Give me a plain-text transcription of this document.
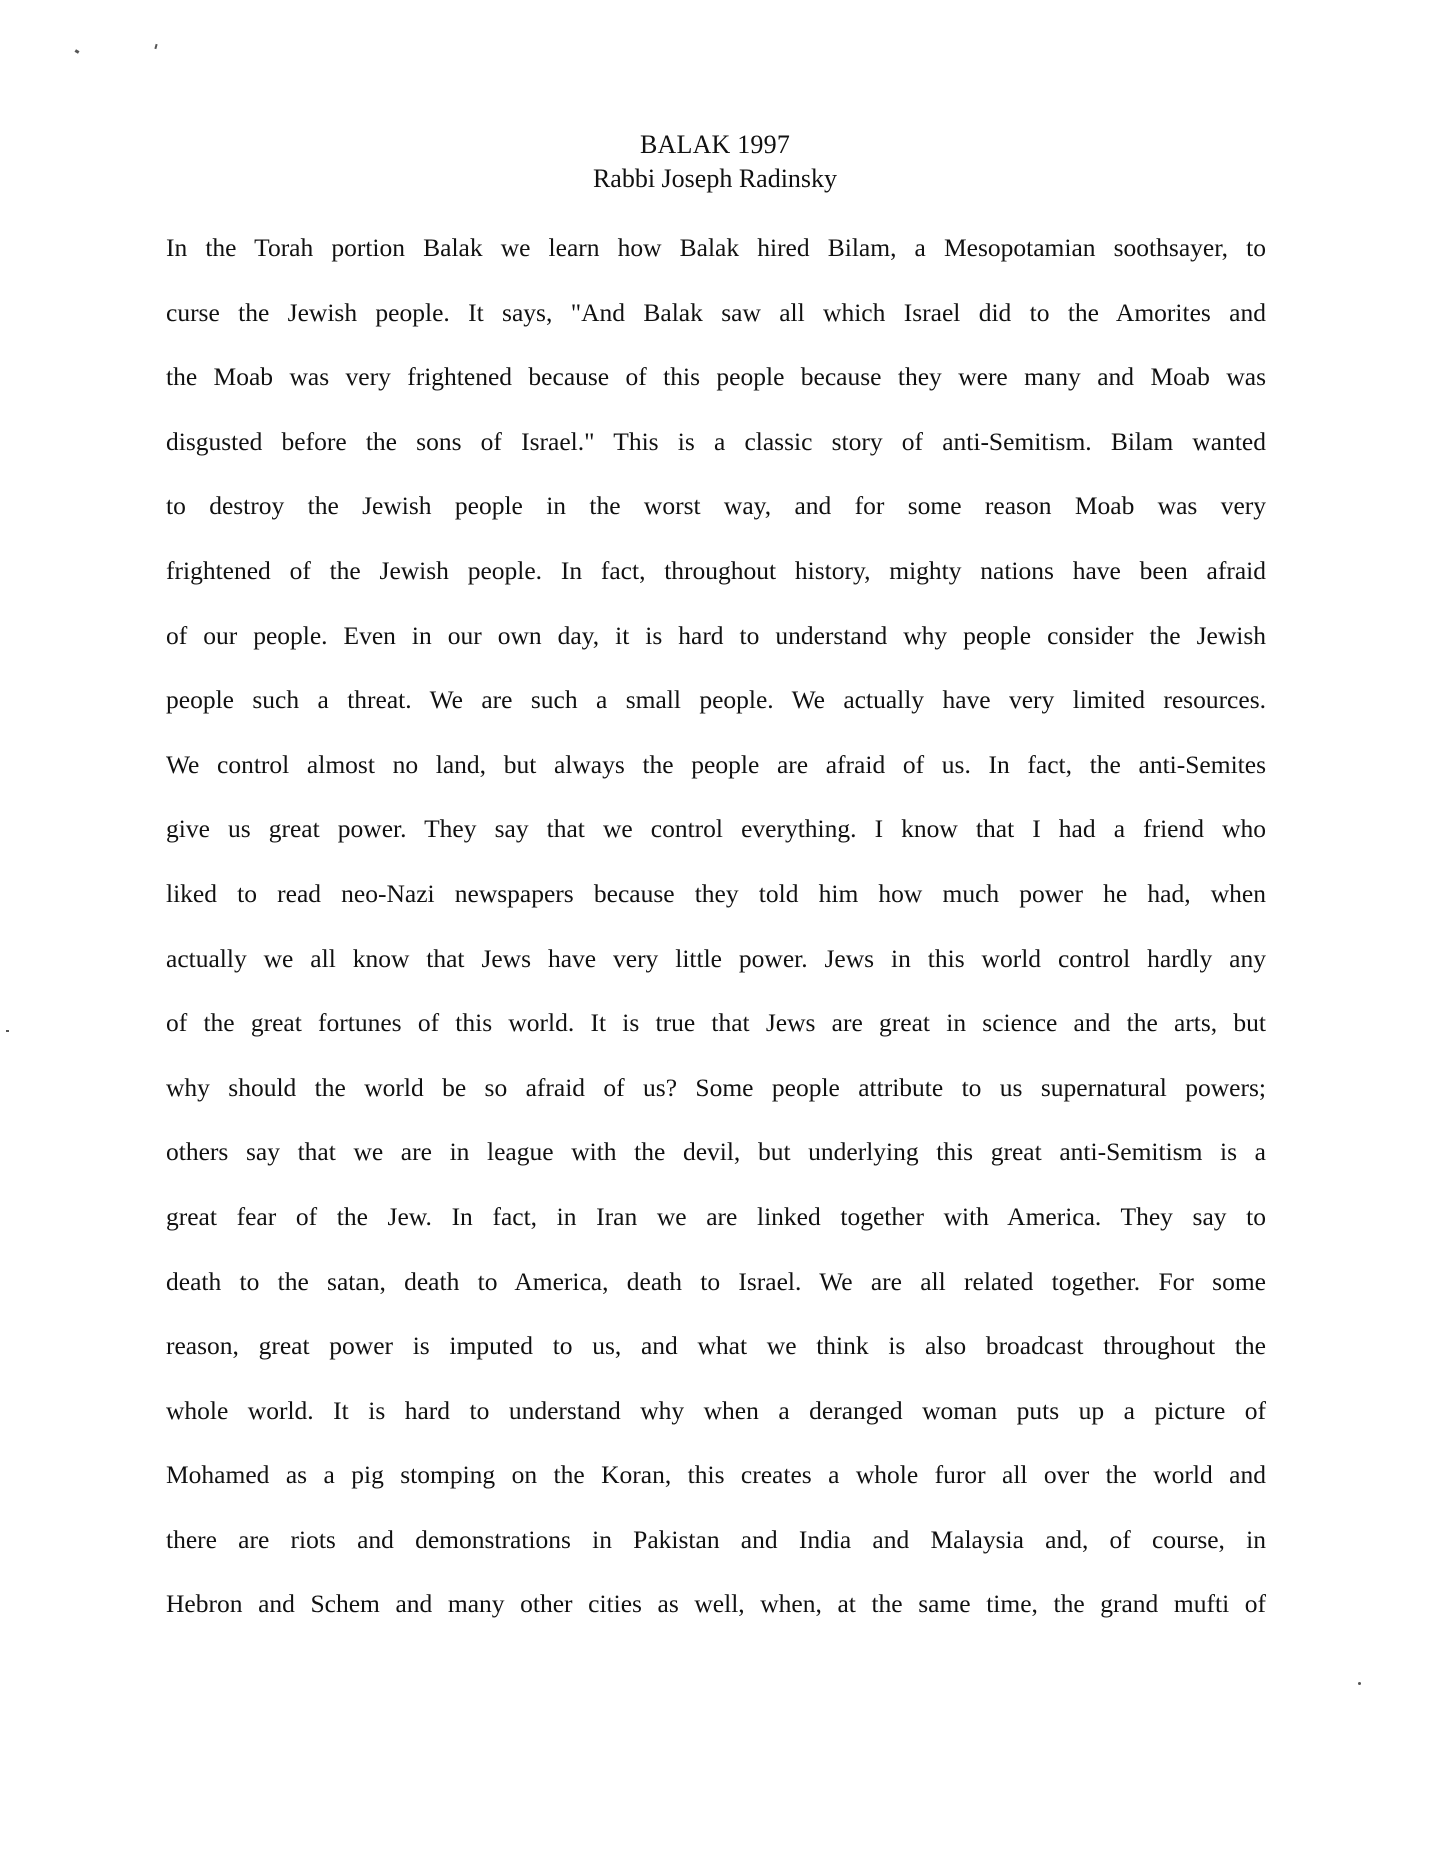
BALAK 1997
Rabbi Joseph Radinsky
In the Torah portion Balak we learn how Balak hired Bilam, a Mesopotamian soothsayer, to
curse the Jewish people. It says, "And Balak saw all which Israel did to the Amorites and
the Moab was very frightened because of this people because they were many and Moab was
disgusted before the sons of Israel." This is a classic story of anti-Semitism. Bilam wanted
to destroy the Jewish people in the worst way, and for some reason Moab was very
frightened of the Jewish people. In fact, throughout history, mighty nations have been afraid
of our people. Even in our own day, it is hard to understand why people consider the Jewish
people such a threat. We are such a small people. We actually have very limited resources.
We control almost no land, but always the people are afraid of us. In fact, the anti-Semites
give us great power. They say that we control everything. I know that I had a friend who
liked to read neo-Nazi newspapers because they told him how much power he had, when
actually we all know that Jews have very little power. Jews in this world control hardly any
of the great fortunes of this world. It is true that Jews are great in science and the arts, but
why should the world be so afraid of us? Some people attribute to us supernatural powers;
others say that we are in league with the devil, but underlying this great anti-Semitism is a
great fear of the Jew. In fact, in Iran we are linked together with America. They say to
death to the satan, death to America, death to Israel. We are all related together. For some
reason, great power is imputed to us, and what we think is also broadcast throughout the
whole world. It is hard to understand why when a deranged woman puts up a picture of
Mohamed as a pig stomping on the Koran, this creates a whole furor all over the world and
there are riots and demonstrations in Pakistan and India and Malaysia and, of course, in
Hebron and Schem and many other cities as well, when, at the same time, the grand mufti of
